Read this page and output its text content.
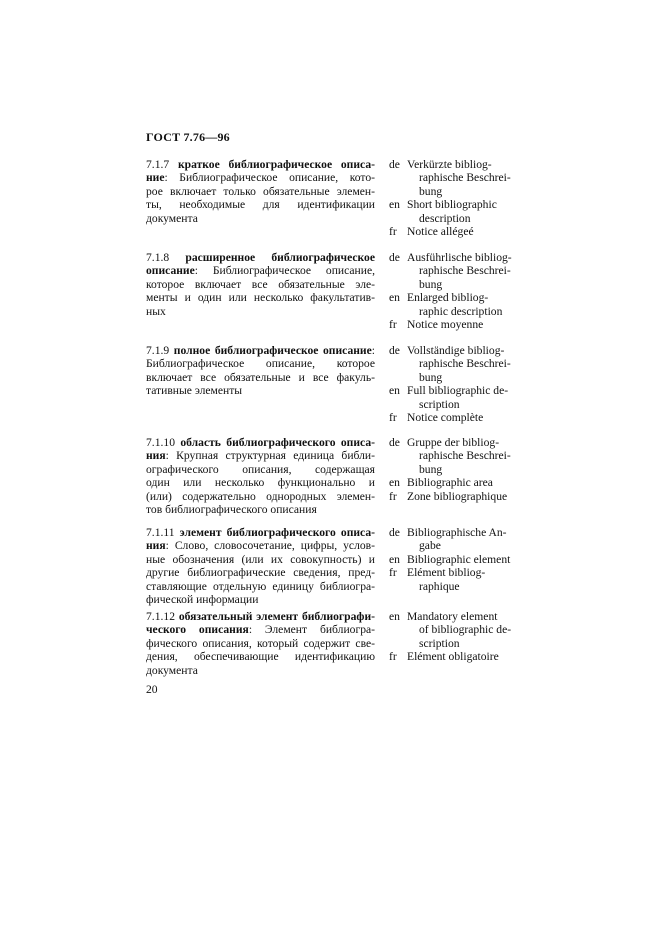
ГОСТ 7.76—96
7.1.7 краткое библиографическое описа-
ние: Библиографическое описание, кото-
рое включает только обязательные элемен-
ты, необходимые для идентификации
документа
de Verkürzte bibliog-
raphische Beschrei-
bung
en Short bibliographic
description
fr Notice allégeé
7.1.8 расширенное библиографическое
описание: Библиографическое описание,
которое включает все обязательные эле-
менты и один или несколько факультатив-
ных
de Ausführlische bibliog-
raphische Beschrei-
bung
en Enlarged bibliog-
raphic description
fr Notice moyenne
7.1.9 полное библиографическое описание:
Библиографическое описание, которое
включает все обязательные и все факуль-
тативные элементы
de Vollständige bibliog-
raphische Beschrei-
bung
en Full bibliographic de-
scription
fr Notice complète
7.1.10 область библиографического описа-
ния: Крупная структурная единица библи-
ографического описания, содержащая
один или несколько функционально и
(или) содержательно однородных элемен-
тов библиографического описания
de Gruppe der bibliog-
raphische Beschrei-
bung
en Bibliographic area
fr Zone bibliographique
7.1.11 элемент библиографического описа-
ния: Слово, словосочетание, цифры, услов-
ные обозначения (или их совокупность) и
другие библиографические сведения, пред-
ставляющие отдельную единицу библиогра-
фической информации
de Bibliographische An-
gabe
en Bibliographic element
fr Elément bibliog-
raphique
7.1.12 обязательный элемент библиографи-
ческого описания: Элемент библиогра-
фического описания, который содержит све-
дения, обеспечивающие идентификацию
документа
en Mandatory element
of bibliographic de-
scription
fr Elément obligatoire
20
